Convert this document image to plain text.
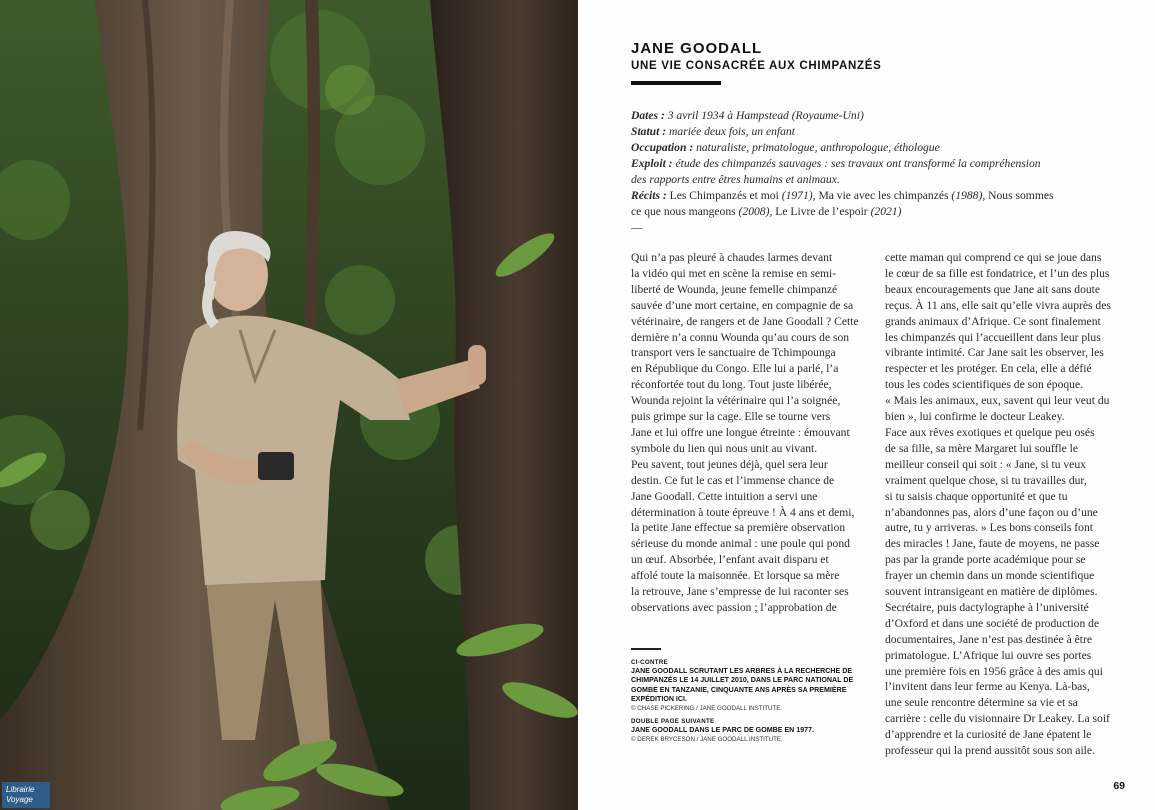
Librairie
Voyage
JANE GOODALL
UNE VIE CONSACRÉE AUX CHIMPANZÉS

Dates : 3 avril 1934 à Hampstead (Royaume-Uni)

Statut : mariée deux fois, un enfant

Occupation : naturaliste, primatologue, anthropologue, éthologue

Exploit : étude des chimpanzés sauvages : ses travaux ont transformé la compréhension

des rapports entre êtres humains et animaux.

Récits : Les Chimpanzés et moi (1971), Ma vie avec les chimpanzés (1988), Nous sommes

ce que nous mangeons (2008), Le Livre de l’espoir (2021)

—

Qui n’a pas pleuré à chaudes larmes devant
la vidéo qui met en scène la remise en semi-
liberté de Wounda, jeune femelle chimpanzé
sauvée d’une mort certaine, en compagnie de sa
vétérinaire, de rangers et de Jane Goodall ? Cette
dernière n’a connu Wounda qu’au cours de son
transport vers le sanctuaire de Tchimpounga
en République du Congo. Elle lui a parlé, l’a
réconfortée tout du long. Tout juste libérée,
Wounda rejoint la vétérinaire qui l’a soignée,
puis grimpe sur la cage. Elle se tourne vers
Jane et lui offre une longue étreinte : émouvant
symbole du lien qui nous unit au vivant.
Peu savent, tout jeunes déjà, quel sera leur
destin. Ce fut le cas et l’immense chance de
Jane Goodall. Cette intuition a servi une
détermination à toute épreuve ! À 4 ans et demi,
la petite Jane effectue sa première observation
sérieuse du monde animal : une poule qui pond
un œuf. Absorbée, l’enfant avait disparu et
affolé toute la maisonnée. Et lorsque sa mère
la retrouve, Jane s’empresse de lui raconter ses
observations avec passion ; l’approbation de
cette maman qui comprend ce qui se joue dans
le cœur de sa fille est fondatrice, et l’un des plus
beaux encouragements que Jane ait sans doute
reçus. À 11 ans, elle sait qu’elle vivra auprès des
grands animaux d’Afrique. Ce sont finalement
les chimpanzés qui l’accueillent dans leur plus
vibrante intimité. Car Jane sait les observer, les
respecter et les protéger. En cela, elle a défié
tous les codes scientifiques de son époque.
« Mais les animaux, eux, savent qui leur veut du
bien », lui confirme le docteur Leakey.
Face aux rêves exotiques et quelque peu osés
de sa fille, sa mère Margaret lui souffle le
meilleur conseil qui soit : « Jane, si tu veux
vraiment quelque chose, si tu travailles dur,
si tu saisis chaque opportunité et que tu
n’abandonnes pas, alors d’une façon ou d’une
autre, tu y arriveras. » Les bons conseils font
des miracles ! Jane, faute de moyens, ne passe
pas par la grande porte académique pour se
frayer un chemin dans un monde scientifique
souvent intransigeant en matière de diplômes.
Secrétaire, puis dactylographe à l’université
d’Oxford et dans une société de production de
documentaires, Jane n’est pas destinée à être
primatologue. L’Afrique lui ouvre ses portes
une première fois en 1956 grâce à des amis qui
l’invitent dans leur ferme au Kenya. Là-bas,
une seule rencontre détermine sa vie et sa
carrière : celle du visionnaire Dr Leakey. La soif
d’apprendre et la curiosité de Jane épatent le
professeur qui la prend aussitôt sous son aile.

CI-CONTRE

JANE GOODALL SCRUTANT LES ARBRES À LA RECHERCHE DE CHIMPANZÉS LE 14 JUILLET 2010, DANS LE PARC NATIONAL DE GOMBE EN TANZANIE, CINQUANTE ANS APRÈS SA PREMIÈRE EXPÉDITION ICI.

© CHASE PICKERING / JANE GOODALL INSTITUTE.

DOUBLE PAGE SUIVANTE

JANE GOODALL DANS LE PARC DE GOMBE EN 1977.

© DEREK BRYCESON / JANE GOODALL INSTITUTE.

69
